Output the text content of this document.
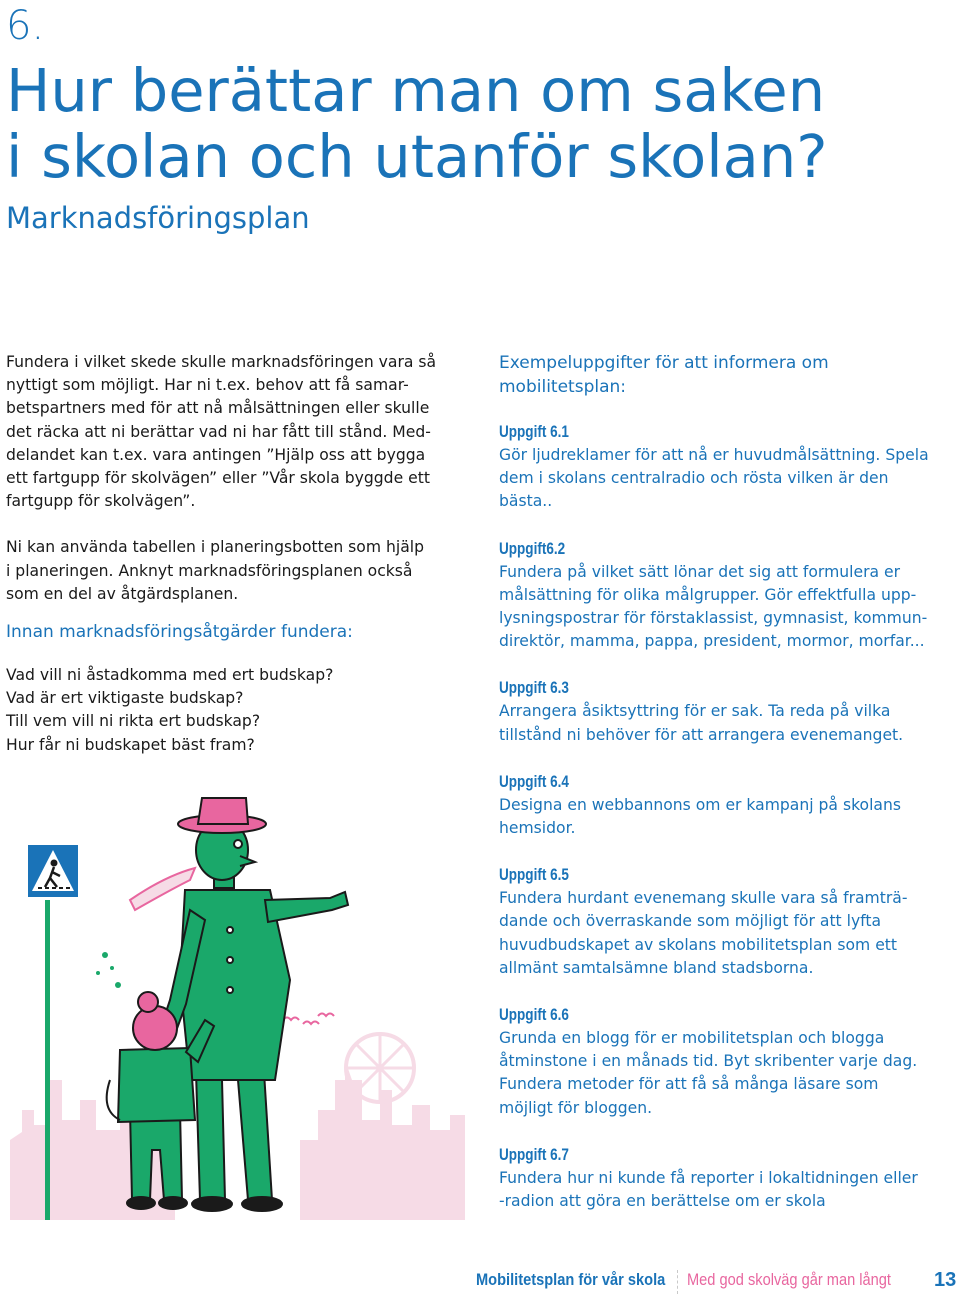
6.
Hur berättar man om saken
i skolan och utanför skolan?
Marknadsföringsplan

Fundera i vilket skede skulle marknadsföringen vara så

nyttigt som möjligt. Har ni t.ex. behov att få samar-

betspartners med för att nå målsättningen eller skulle

det räcka att ni berättar vad ni har fått till stånd. Med-

delandet kan t.ex. vara antingen ”Hjälp oss att bygga

ett fartgupp för skolvägen” eller ”Vår skola byggde ett

fartgupp för skolvägen”.

Ni kan använda tabellen i planeringsbotten som hjälp

i planeringen. Anknyt marknadsföringsplanen också

som en del av åtgärdsplanen.

Innan marknadsföringsåtgärder fundera:

Vad vill ni åstadkomma med ert budskap?

Vad är ert viktigaste budskap?

Till vem vill ni rikta ert budskap?

Hur får ni budskapet bäst fram?

Exempeluppgifter för att informera om

mobilitetsplan:

Uppgift 6.1

Gör ljudreklamer för att nå er huvudmålsättning. Spela

dem i skolans centralradio och rösta vilken är den

bästa..

Uppgift6.2

Fundera på vilket sätt lönar det sig att formulera er

målsättning för olika målgrupper. Gör effektfulla upp-

lysningspostrar för förstaklassist, gymnasist, kommun-

direktör, mamma, pappa, president, mormor, morfar...

Uppgift 6.3

Arrangera åsiktsyttring för er sak. Ta reda på vilka

tillstånd ni behöver för att arrangera evenemanget.

Uppgift 6.4

Designa en webbannons om er kampanj på skolans

hemsidor.

Uppgift 6.5

Fundera hurdant evenemang skulle vara så framträ-

dande och överraskande som möjligt för att lyfta

huvudbudskapet av skolans mobilitetsplan som ett

allmänt samtalsämne bland stadsborna.

Uppgift 6.6

Grunda en blogg för er mobilitetsplan och blogga

åtminstone i en månads tid. Byt skribenter varje dag.

Fundera metoder för att få så många läsare som

möjligt för bloggen.

Uppgift 6.7

Fundera hur ni kunde få reporter i lokaltidningen eller

-radion att göra en berättelse om er skola

Mobilitetsplan för vår skola Med god skolväg går man långt 13
